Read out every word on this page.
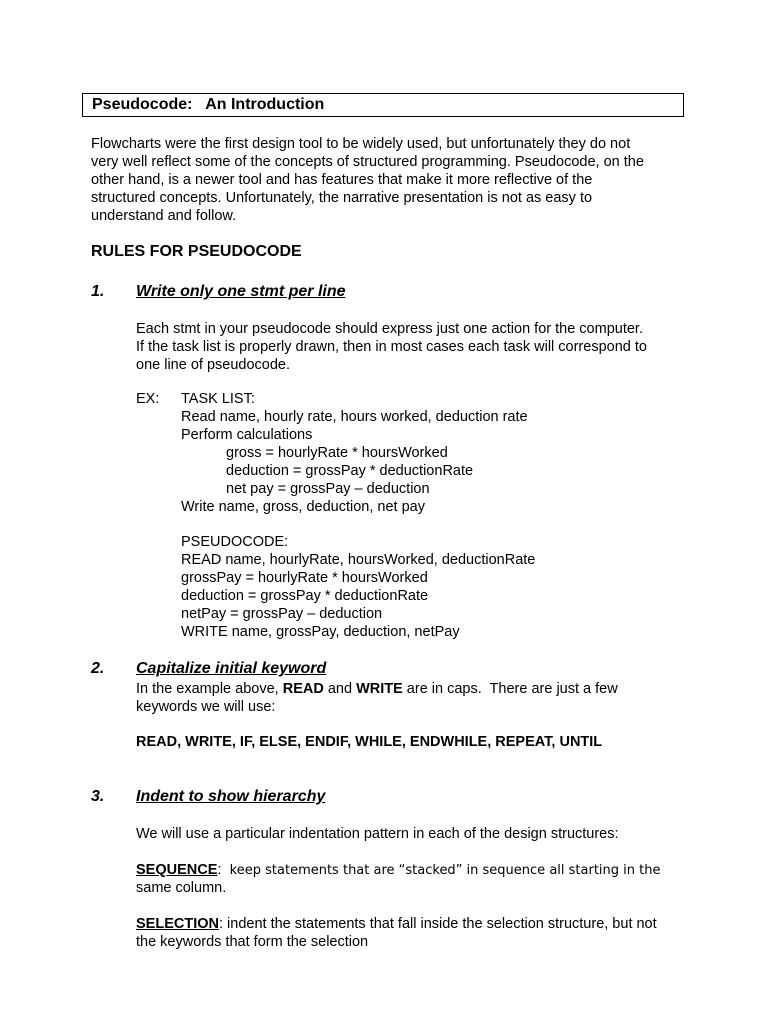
Pseudocode:   An Introduction
Flowcharts were the first design tool to be widely used, but unfortunately they do not
very well reflect some of the concepts of structured programming. Pseudocode, on the
other hand, is a newer tool and has features that make it more reflective of the
structured concepts. Unfortunately, the narrative presentation is not as easy to
understand and follow.
RULES FOR PSEUDOCODE
1. Write only one stmt per line
Each stmt in your pseudocode should express just one action for the computer.
If the task list is properly drawn, then in most cases each task will correspond to
one line of pseudocode.
EX: TASK LIST:
Read name, hourly rate, hours worked, deduction rate
Perform calculations
gross = hourlyRate * hoursWorked
deduction = grossPay * deductionRate
net pay = grossPay – deduction
Write name, gross, deduction, net pay
PSEUDOCODE:
READ name, hourlyRate, hoursWorked, deductionRate
grossPay = hourlyRate * hoursWorked
deduction = grossPay * deductionRate
netPay = grossPay – deduction
WRITE name, grossPay, deduction, netPay
2. Capitalize initial keyword
In the example above, READ and WRITE are in caps.  There are just a few
keywords we will use:
READ, WRITE, IF, ELSE, ENDIF, WHILE, ENDWHILE, REPEAT, UNTIL
3. Indent to show hierarchy
We will use a particular indentation pattern in each of the design structures:
SEQUENCE:  keep statements that are “stacked” in sequence all starting in the
same column.
SELECTION: indent the statements that fall inside the selection structure, but not
the keywords that form the selection
